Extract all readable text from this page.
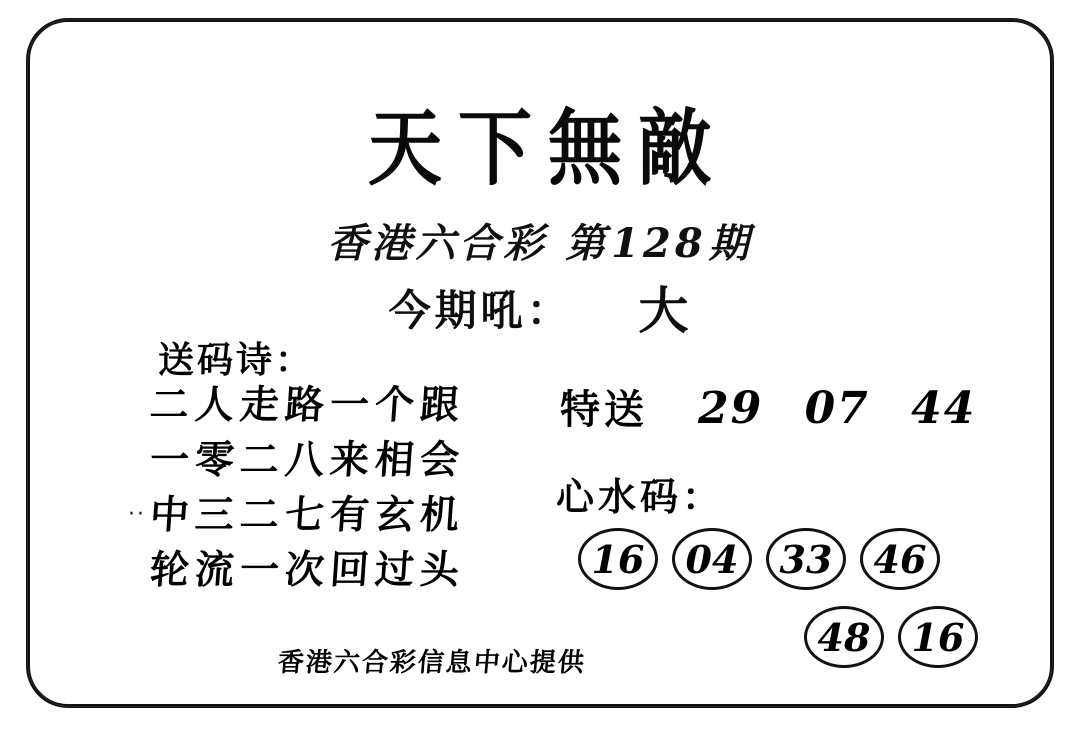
天下無敵
香港六合彩 第128期
今期吼： 大
送码诗：
··
二人走路一个跟
一零二八来相会
中三二七有玄机
轮流一次回过头
特送 29 07 44
心水码：
16	04	33	46
48	16
香港六合彩信息中心提供
